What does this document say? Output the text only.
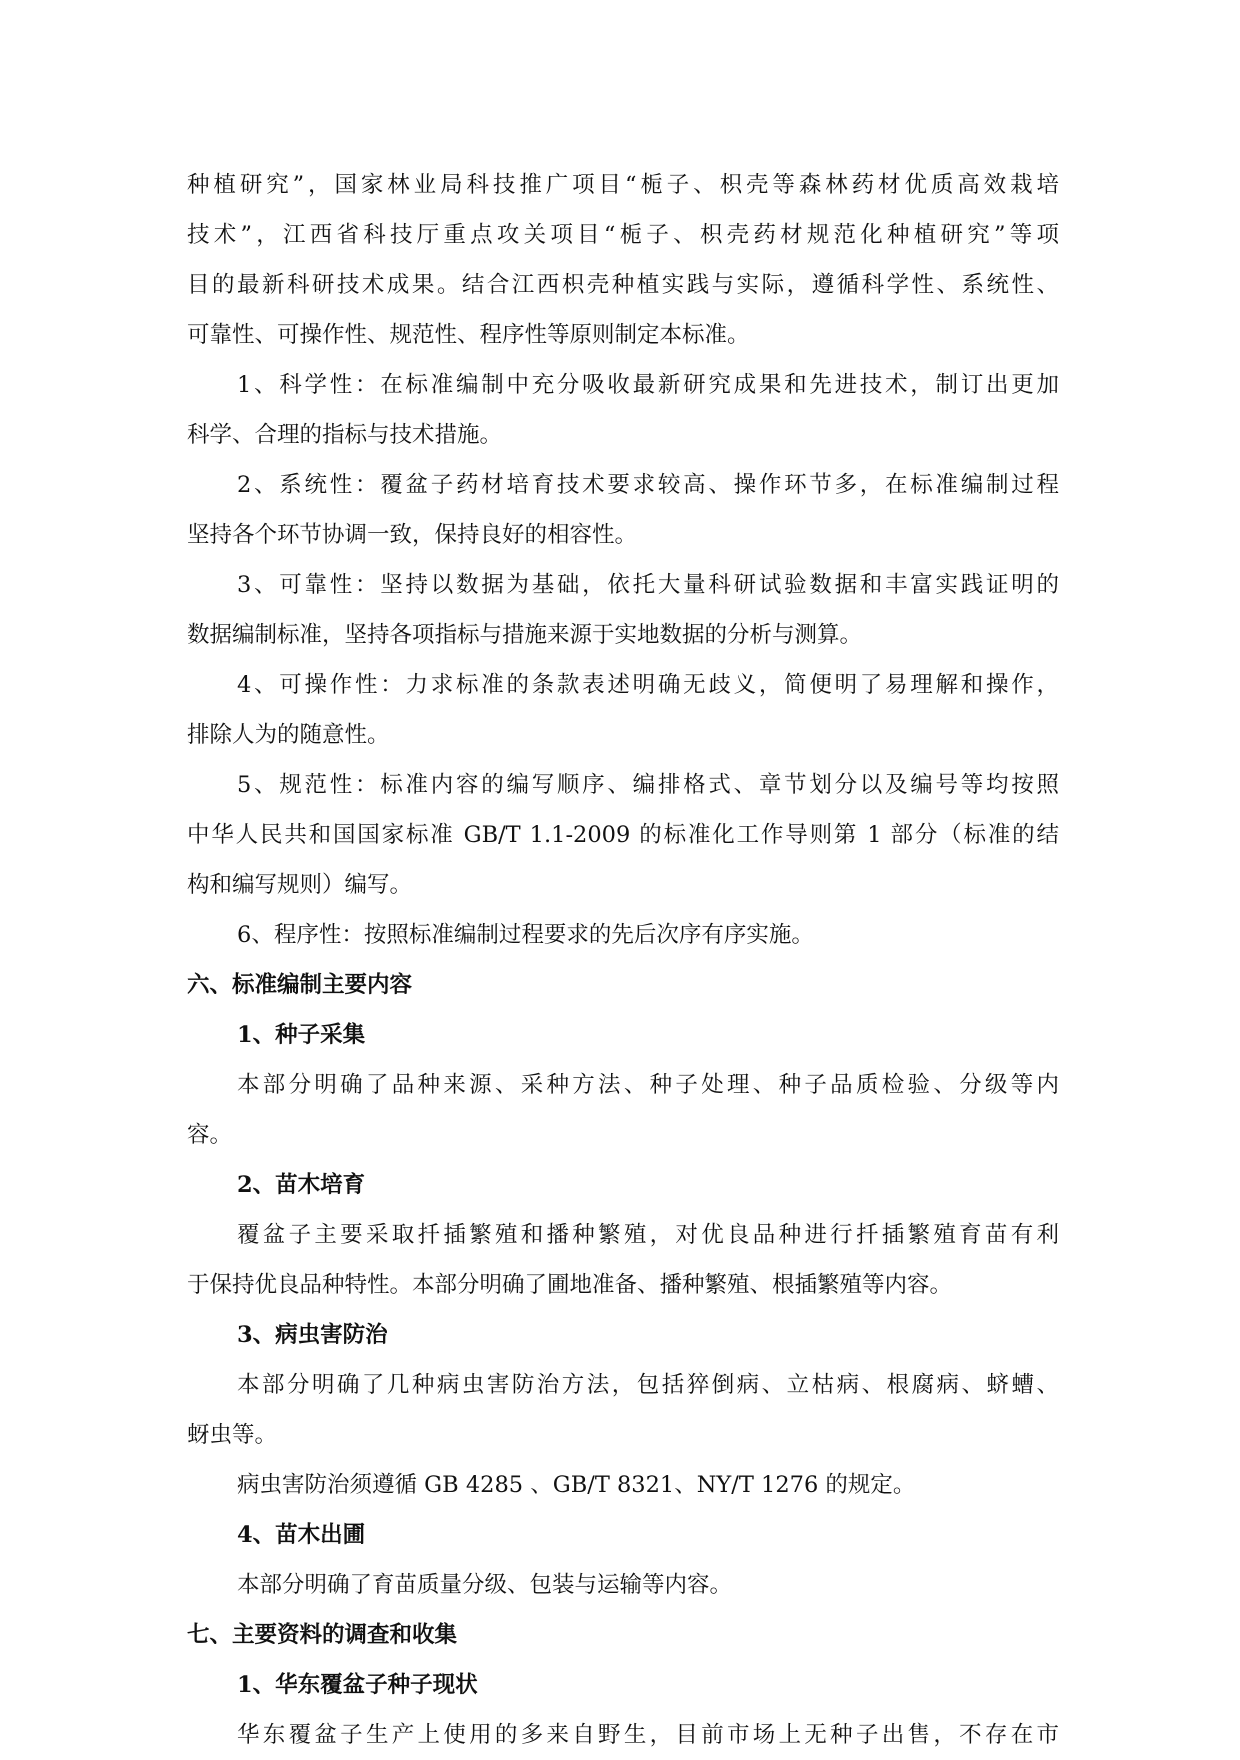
种植研究”，国家林业局科技推广项目“栀子、枳壳等森林药材优质高效栽培
技术”，江西省科技厅重点攻关项目“栀子、枳壳药材规范化种植研究”等项
目的最新科研技术成果。结合江西枳壳种植实践与实际，遵循科学性、系统性、
可靠性、可操作性、规范性、程序性等原则制定本标准。
1、科学性：在标准编制中充分吸收最新研究成果和先进技术，制订出更加
科学、合理的指标与技术措施。
2、系统性：覆盆子药材培育技术要求较高、操作环节多，在标准编制过程
坚持各个环节协调一致，保持良好的相容性。
3、可靠性：坚持以数据为基础，依托大量科研试验数据和丰富实践证明的
数据编制标准，坚持各项指标与措施来源于实地数据的分析与测算。
4、可操作性：力求标准的条款表述明确无歧义，简便明了易理解和操作，
排除人为的随意性。
5、规范性：标准内容的编写顺序、编排格式、章节划分以及编号等均按照
中华人民共和国国家标准 GB/T 1.1-2009 的标准化工作导则第 1 部分（标准的结
构和编写规则）编写。
6、程序性：按照标准编制过程要求的先后次序有序实施。
六、标准编制主要内容
1、种子采集
本部分明确了品种来源、采种方法、种子处理、种子品质检验、分级等内
容。
2、苗木培育
覆盆子主要采取扦插繁殖和播种繁殖，对优良品种进行扦插繁殖育苗有利
于保持优良品种特性。本部分明确了圃地准备、播种繁殖、根插繁殖等内容。
3、病虫害防治
本部分明确了几种病虫害防治方法，包括猝倒病、立枯病、根腐病、蛴螬、
蚜虫等。
病虫害防治须遵循 GB 4285 、GB/T 8321、NY/T 1276 的规定。
4、苗木出圃
本部分明确了育苗质量分级、包装与运输等内容。
七、主要资料的调查和收集
1、华东覆盆子种子现状
华东覆盆子生产上使用的多来自野生，目前市场上无种子出售，不存在市
